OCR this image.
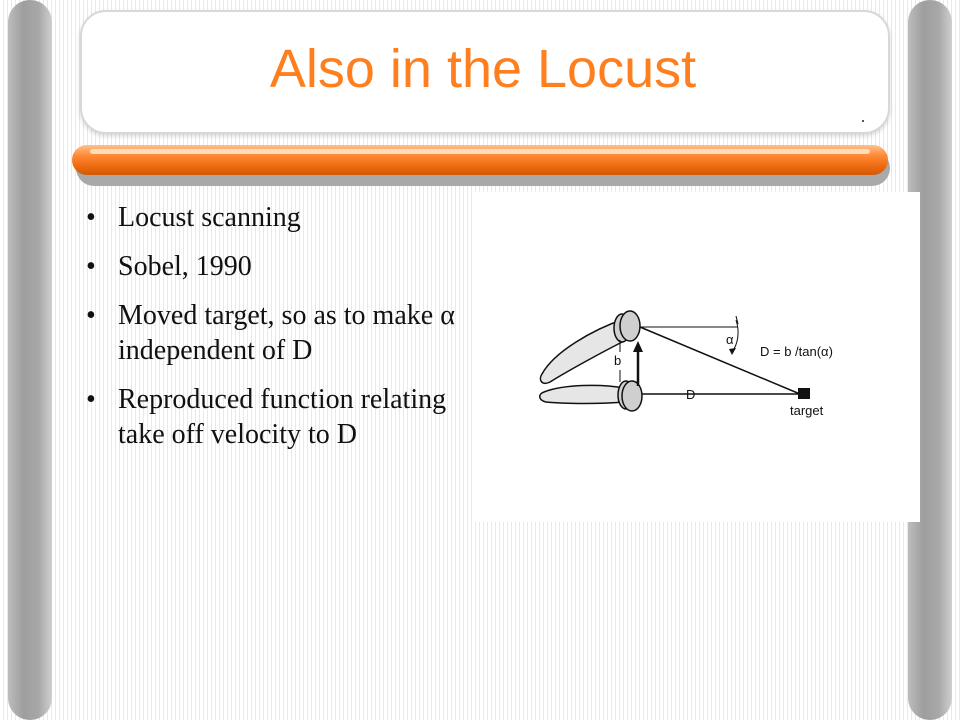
Also in the Locust
• Locust scanning
• Sobel, 1990
• Moved target, so as to make α independent of D
• Reproduced function relating take off velocity to D
b
α
D
D = b /tan(α)
target
